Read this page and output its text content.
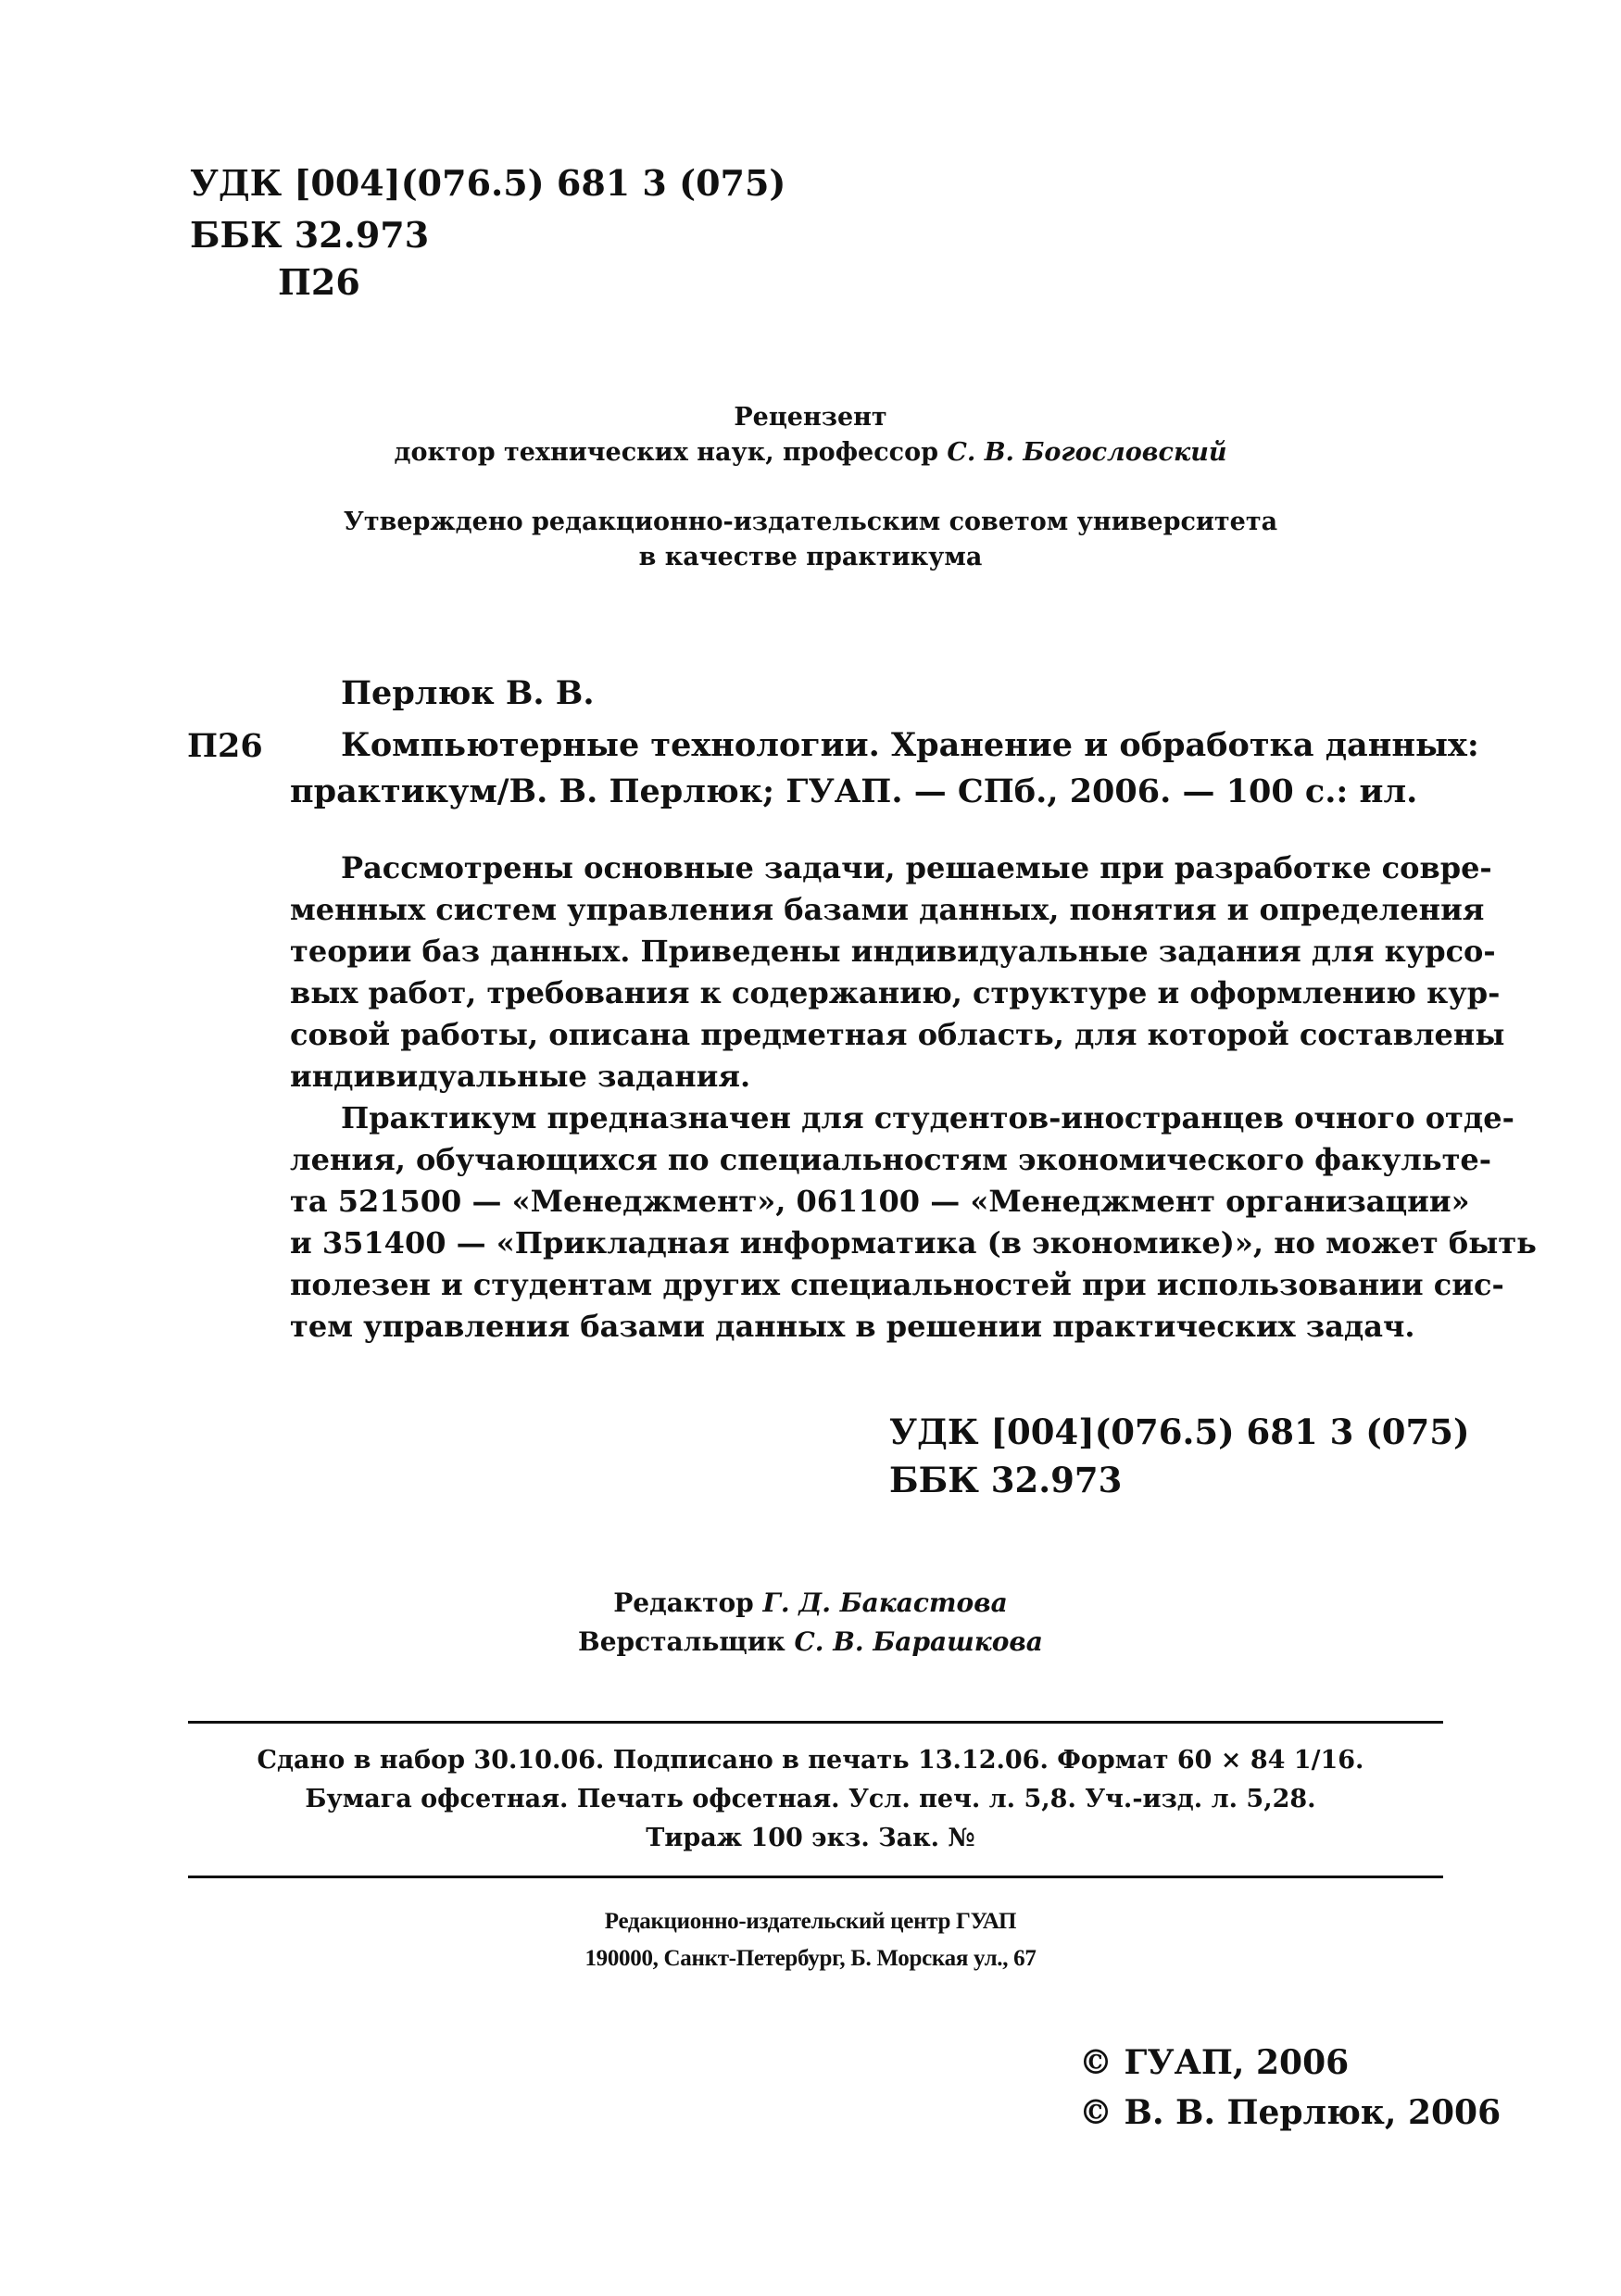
УДК [004](076.5) 681 3 (075)
ББК 32.973
П26
Рецензент
доктор технических наук, профессор С. В. Богословский
Утверждено редакционно-издательским советом университета
в качестве практикума
Перлюк В. В.
П26 Компьютерные технологии. Хранение и обработка данных:
практикум/В. В. Перлюк; ГУАП. — СПб., 2006. — 100 с.: ил.
Рассмотрены основные задачи, решаемые при разработке совре-
менных систем управления базами данных, понятия и определения
теории баз данных. Приведены индивидуальные задания для курсо-
вых работ, требования к содержанию, структуре и оформлению кур-
совой работы, описана предметная область, для которой составлены
индивидуальные задания.
Практикум предназначен для студентов-иностранцев очного отде-
ления, обучающихся по специальностям экономического факульте-
та 521500 — «Менеджмент», 061100 — «Менеджмент организации»
и 351400 — «Прикладная информатика (в экономике)», но может быть
полезен и студентам других специальностей при использовании сис-
тем управления базами данных в решении практических задач.
УДК [004](076.5) 681 3 (075)
ББК 32.973
Редактор Г. Д. Бакастова
Верстальщик С. В. Барашкова
Сдано в набор 30.10.06. Подписано в печать 13.12.06. Формат 60 × 84 1/16.
Бумага офсетная. Печать офсетная. Усл. печ. л. 5,8. Уч.-изд. л. 5,28.
Тираж 100 экз. Зак. №
Редакционно-издательский центр ГУАП
190000, Санкт-Петербург, Б. Морская ул., 67
© ГУАП, 2006
© В. В. Перлюк, 2006
